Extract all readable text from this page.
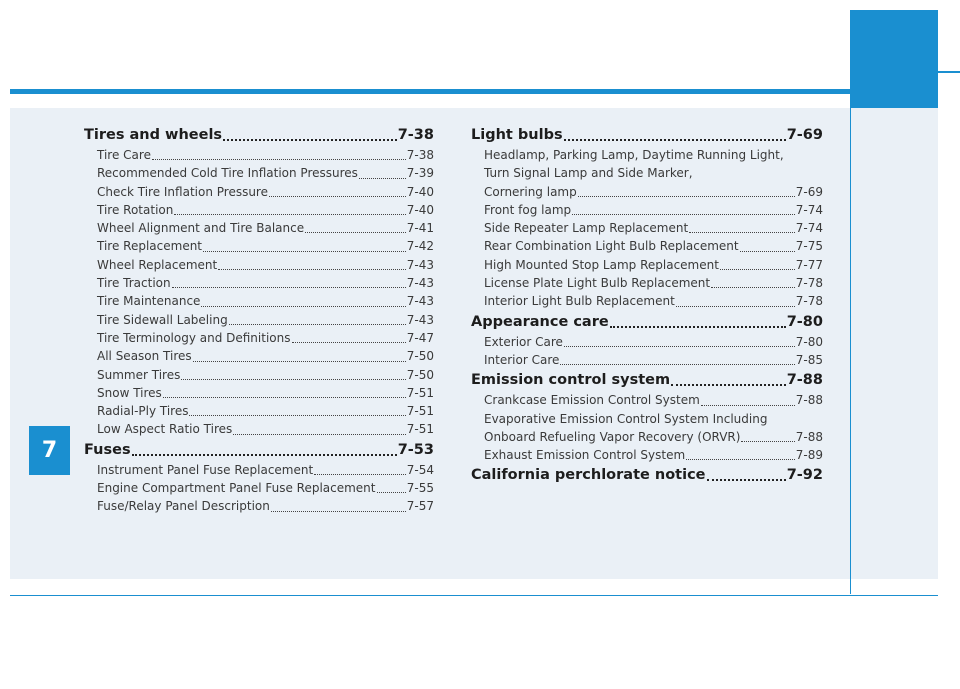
7
Tires and wheels	7-38
Tire Care	7-38
Recommended Cold Tire Inflation Pressures	7-39
Check Tire Inflation Pressure	7-40
Tire Rotation	7-40
Wheel Alignment and Tire Balance	7-41
Tire Replacement	7-42
Wheel Replacement	7-43
Tire Traction	7-43
Tire Maintenance	7-43
Tire Sidewall Labeling	7-43
Tire Terminology and Definitions	7-47
All Season Tires	7-50
Summer Tires	7-50
Snow Tires	7-51
Radial-Ply Tires	7-51
Low Aspect Ratio Tires	7-51
Fuses	7-53
Instrument Panel Fuse Replacement	7-54
Engine Compartment Panel Fuse Replacement	7-55
Fuse/Relay Panel Description	7-57
Light bulbs	7-69
Headlamp, Parking Lamp, Daytime Running Light,
Turn Signal Lamp and Side Marker,
Cornering lamp	7-69
Front fog lamp	7-74
Side Repeater Lamp Replacement	7-74
Rear Combination Light Bulb Replacement	7-75
High Mounted Stop Lamp Replacement	7-77
License Plate Light Bulb Replacement	7-78
Interior Light Bulb Replacement	7-78
Appearance care	7-80
Exterior Care	7-80
Interior Care	7-85
Emission control system	7-88
Crankcase Emission Control System	7-88
Evaporative Emission Control System Including
Onboard Refueling Vapor Recovery (ORVR)	7-88
Exhaust Emission Control System	7-89
California perchlorate notice	7-92
